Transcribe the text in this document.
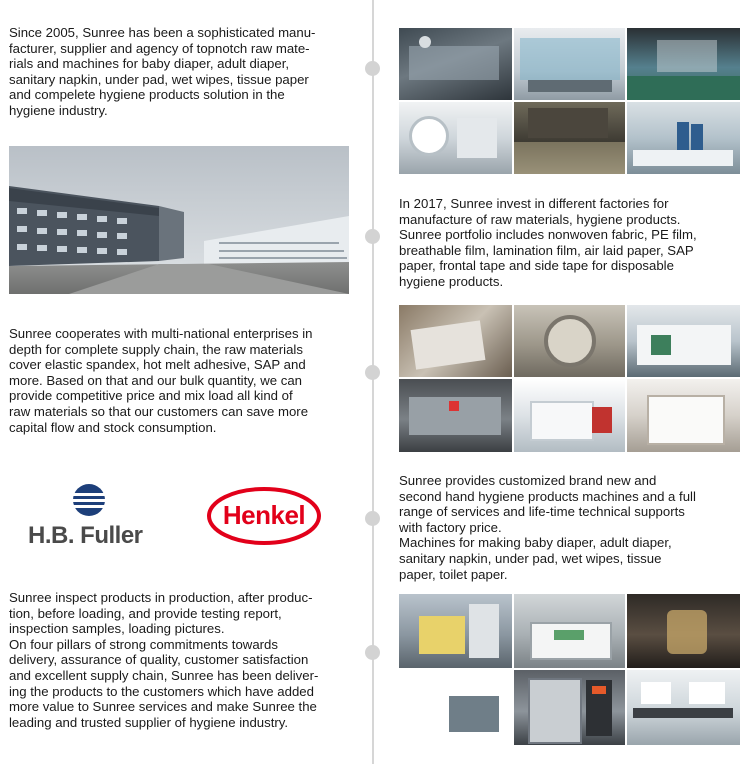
Since 2005, Sunree has been a sophisticated manu-
facturer, supplier and agency of topnotch raw mate-
rials and machines for baby diaper, adult diaper,
sanitary napkin, under pad, wet wipes, tissue paper
and compelete hygiene products solution in the
hygiene industry.
Sunree cooperates with multi-national enterprises in
depth for complete supply chain, the raw materials
cover elastic spandex, hot melt adhesive, SAP and
more. Based on that and our bulk quantity, we can
provide competitive price and mix load all kind of
raw materials so that our customers can save more
capital flow and stock consumption.
H.B. Fuller
Henkel
Sunree inspect products in production, after produc-
tion, before loading, and provide testing report,
inspection samples, loading pictures.
On four pillars of strong commitments towards
delivery, assurance of quality, customer satisfaction
and excellent supply chain, Sunree has been deliver-
ing the products to the customers which have added
more value to Sunree services and make Sunree the
leading and trusted supplier of hygiene industry.
In 2017, Sunree invest in different factories for
manufacture of raw materials, hygiene products.
Sunree portfolio includes nonwoven fabric, PE film,
breathable film, lamination film, air laid paper, SAP
paper, frontal tape and side tape for disposable
hygiene products.
Sunree provides customized brand new and
second hand hygiene products machines and a full
range of services and life-time technical supports
with factory price.
Machines for making baby diaper, adult diaper,
sanitary napkin, under pad, wet wipes, tissue
paper, toilet paper.
